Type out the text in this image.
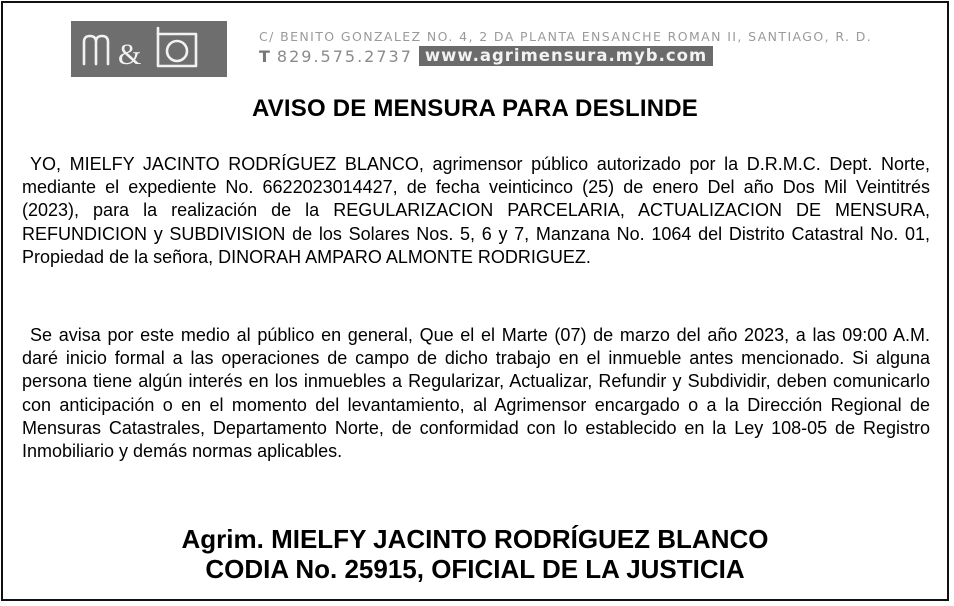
&
C/ BENITO GONZALEZ NO. 4, 2 DA PLANTA ENSANCHE ROMAN II, SANTIAGO, R. D.
T 829.575.2737 www.agrimensura.myb.com
AVISO DE MENSURA PARA DESLINDE
YO, MIELFY JACINTO RODRÍGUEZ BLANCO, agrimensor público autorizado por la D.R.M.C. Dept. Norte, mediante el expediente No. 6622023014427, de fecha veinticinco (25) de enero Del año Dos Mil Veintitrés (2023), para la realización de la REGULARIZACION PARCELARIA, ACTUALIZACION DE MENSURA, REFUNDICION y SUBDIVISION de los Solares Nos. 5, 6 y 7, Manzana No. 1064 del Distrito Catastral No. 01, Propiedad de la señora, DINORAH AMPARO ALMONTE RODRIGUEZ.
Se avisa por este medio al público en general, Que el el Marte (07) de marzo del año 2023, a las 09:00 A.M. daré inicio formal a las operaciones de campo de dicho trabajo en el inmueble antes mencionado. Si alguna persona tiene algún interés en los inmuebles a Regularizar, Actualizar, Refundir y Subdividir, deben comunicarlo con anticipación o en el momento del levantamiento, al Agrimensor encargado o a la Dirección Regional de Mensuras Catastrales, Departamento Norte, de conformidad con lo establecido en la Ley 108-05 de Registro Inmobiliario y demás normas aplicables.
Agrim. MIELFY JACINTO RODRÍGUEZ BLANCO
CODIA No. 25915, OFICIAL DE LA JUSTICIA
